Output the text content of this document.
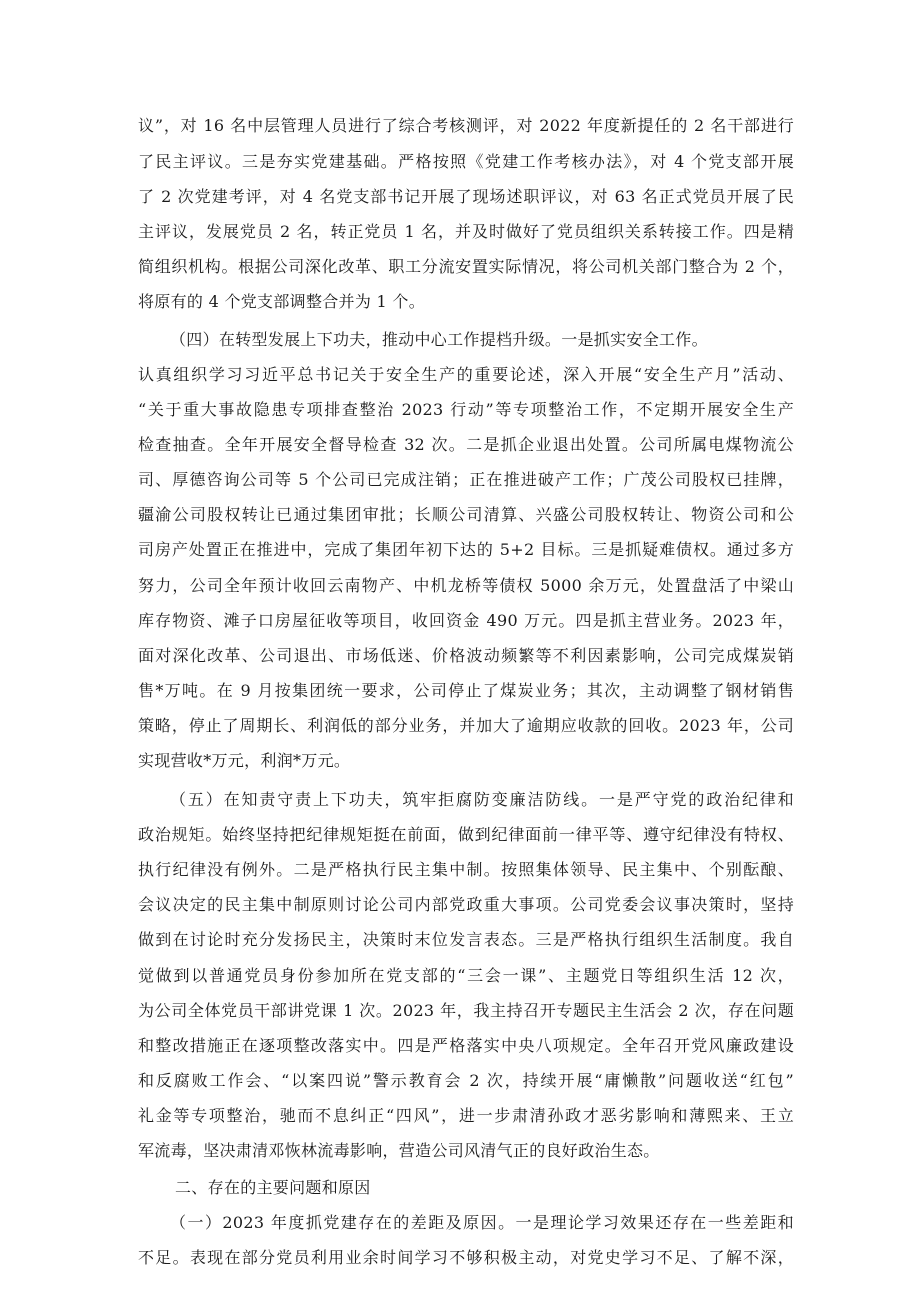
议”，对 16 名中层管理人员进行了综合考核测评，对 2022 年度新提任的 2 名干部进行
了民主评议。三是夯实党建基础。严格按照《党建工作考核办法》，对 4 个党支部开展
了 2 次党建考评，对 4 名党支部书记开展了现场述职评议，对 63 名正式党员开展了民
主评议，发展党员 2 名，转正党员 1 名，并及时做好了党员组织关系转接工作。四是精
简组织机构。根据公司深化改革、职工分流安置实际情况，将公司机关部门整合为 2 个，
将原有的 4 个党支部调整合并为 1 个。
（四）在转型发展上下功夫，推动中心工作提档升级。一是抓实安全工作。
认真组织学习习近平总书记关于安全生产的重要论述，深入开展“安全生产月”活动、
“关于重大事故隐患专项排查整治 2023 行动”等专项整治工作，不定期开展安全生产
检查抽查。全年开展安全督导检查 32 次。二是抓企业退出处置。公司所属电煤物流公
司、厚德咨询公司等 5 个公司已完成注销；正在推进破产工作；广茂公司股权已挂牌，
疆渝公司股权转让已通过集团审批；长顺公司清算、兴盛公司股权转让、物资公司和公
司房产处置正在推进中，完成了集团年初下达的 5+2 目标。三是抓疑难债权。通过多方
努力，公司全年预计收回云南物产、中机龙桥等债权 5000 余万元，处置盘活了中梁山
库存物资、滩子口房屋征收等项目，收回资金 490 万元。四是抓主营业务。2023 年，
面对深化改革、公司退出、市场低迷、价格波动频繁等不利因素影响，公司完成煤炭销
售*万吨。在 9 月按集团统一要求，公司停止了煤炭业务；其次，主动调整了钢材销售
策略，停止了周期长、利润低的部分业务，并加大了逾期应收款的回收。2023 年，公司
实现营收*万元，利润*万元。
（五）在知责守责上下功夫，筑牢拒腐防变廉洁防线。一是严守党的政治纪律和
政治规矩。始终坚持把纪律规矩挺在前面，做到纪律面前一律平等、遵守纪律没有特权、
执行纪律没有例外。二是严格执行民主集中制。按照集体领导、民主集中、个别酝酿、
会议决定的民主集中制原则讨论公司内部党政重大事项。公司党委会议事决策时，坚持
做到在讨论时充分发扬民主，决策时末位发言表态。三是严格执行组织生活制度。我自
觉做到以普通党员身份参加所在党支部的“三会一课”、主题党日等组织生活 12 次，
为公司全体党员干部讲党课 1 次。2023 年，我主持召开专题民主生活会 2 次，存在问题
和整改措施正在逐项整改落实中。四是严格落实中央八项规定。全年召开党风廉政建设
和反腐败工作会、“以案四说”警示教育会 2 次，持续开展“庸懒散”问题收送“红包”
礼金等专项整治，驰而不息纠正“四风”，进一步肃清孙政才恶劣影响和薄熙来、王立
军流毒，坚决肃清邓恢林流毒影响，营造公司风清气正的良好政治生态。
二、存在的主要问题和原因
（一）2023 年度抓党建存在的差距及原因。一是理论学习效果还存在一些差距和
不足。表现在部分党员利用业余时间学习不够积极主动，对党史学习不足、了解不深，
